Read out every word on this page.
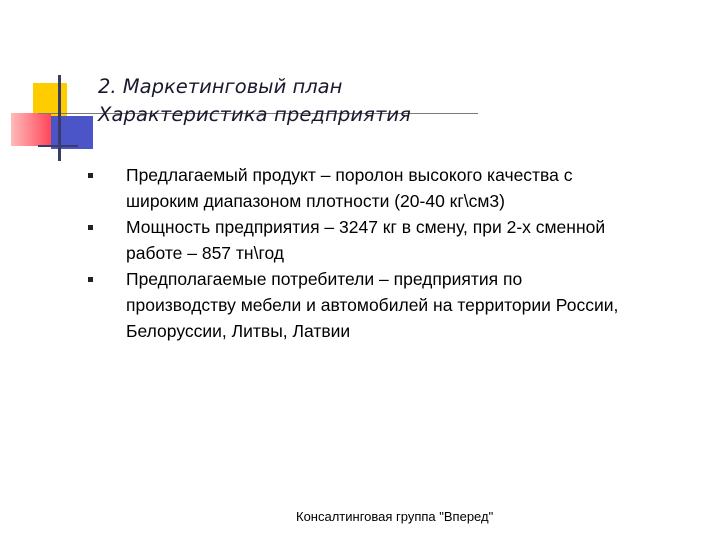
2. Маркетинговый план
Характеристика предприятия
Предлагаемый продукт – поролон высокого качества с
широким диапазоном плотности (20-40 кг\см3)
Мощность предприятия – 3247 кг в смену, при 2-х сменной
работе – 857 тн\год
Предполагаемые потребители – предприятия по
производству мебели и автомобилей на территории России,
Белоруссии, Литвы, Латвии
Консалтинговая группа "Вперед"
